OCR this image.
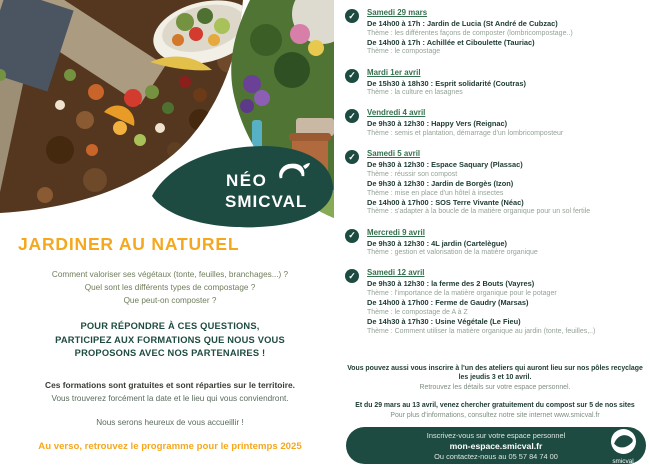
NÉO
SMICVAL
JARDINER AU NATUREL
Comment valoriser ses végétaux (tonte, feuilles, branchages...) ?
Quel sont les différents types de compostage ?
Que peut-on composter ?
POUR RÉPONDRE À CES QUESTIONS,
PARTICIPEZ AUX FORMATIONS QUE NOUS VOUS
PROPOSONS AVEC NOS PARTENAIRES !
Ces formations sont gratuites et sont réparties sur le territoire.
Vous trouverez forcément la date et le lieu qui vous conviendront.
Nous serons heureux de vous accueillir !
Au verso, retrouvez le programme pour le printemps 2025
✓	Samedi 29 mars
De 14h00 à 17h : Jardin de Lucia (St André de Cubzac)
Thème : les différentes façons de composter (lombricompostage..)
De 14h00 à 17h : Achillée et Ciboulette (Tauriac)
Thème : le compostage
✓	Mardi 1er avril
De 15h30 à 18h30 : Esprit solidarité (Coutras)
Thème : la culture en lasagnes
✓	Vendredi 4 avril
De 9h30 à 12h30 : Happy Vers (Reignac)
Thème : semis et plantation, démarrage d'un lombricomposteur
✓	Samedi 5 avril
De 9h30 à 12h30 : Espace Saquary (Plassac)
Thème : réussir son compost
De 9h30 à 12h30 : Jardin de Borgès (Izon)
Thème : mise en place d'un hôtel à insectes
De 14h00 à 17h00 : SOS Terre Vivante (Néac)
Thème : s'adapter à la boucle de la matière organique pour un sol fertile
✓	Mercredi 9 avril
De 9h30 à 12h30 : 4L jardin (Cartelègue)
Thème : gestion et valorisation de la matière organique
✓	Samedi 12 avril
De 9h30 à 12h30 : la ferme des 2 Bouts (Vayres)
Thème : l'importance de la matière organique pour le potager
De 14h00 à 17h00 : Ferme de Gaudry (Marsas)
Thème : le compostage de A à Z
De 14h30 à 17h30 : Usine Végétale (Le Fieu)
Thème : Comment utiliser la matière organique au jardin (tonte, feuilles,..)
Vous pouvez aussi vous inscrire à l'un des ateliers qui auront lieu sur nos pôles recyclage les jeudis 3 et 10 avril.
Retrouvez les détails sur votre espace personnel.
Et du 29 mars au 13 avril, venez chercher gratuitement du compost sur 5 de nos sites
Pour plus d'informations, consultez notre site internet www.smicval.fr
Inscrivez-vous sur votre espace personnel
mon-espace.smicval.fr
Ou contactez-nous au 05 57 84 74 00
smicval
